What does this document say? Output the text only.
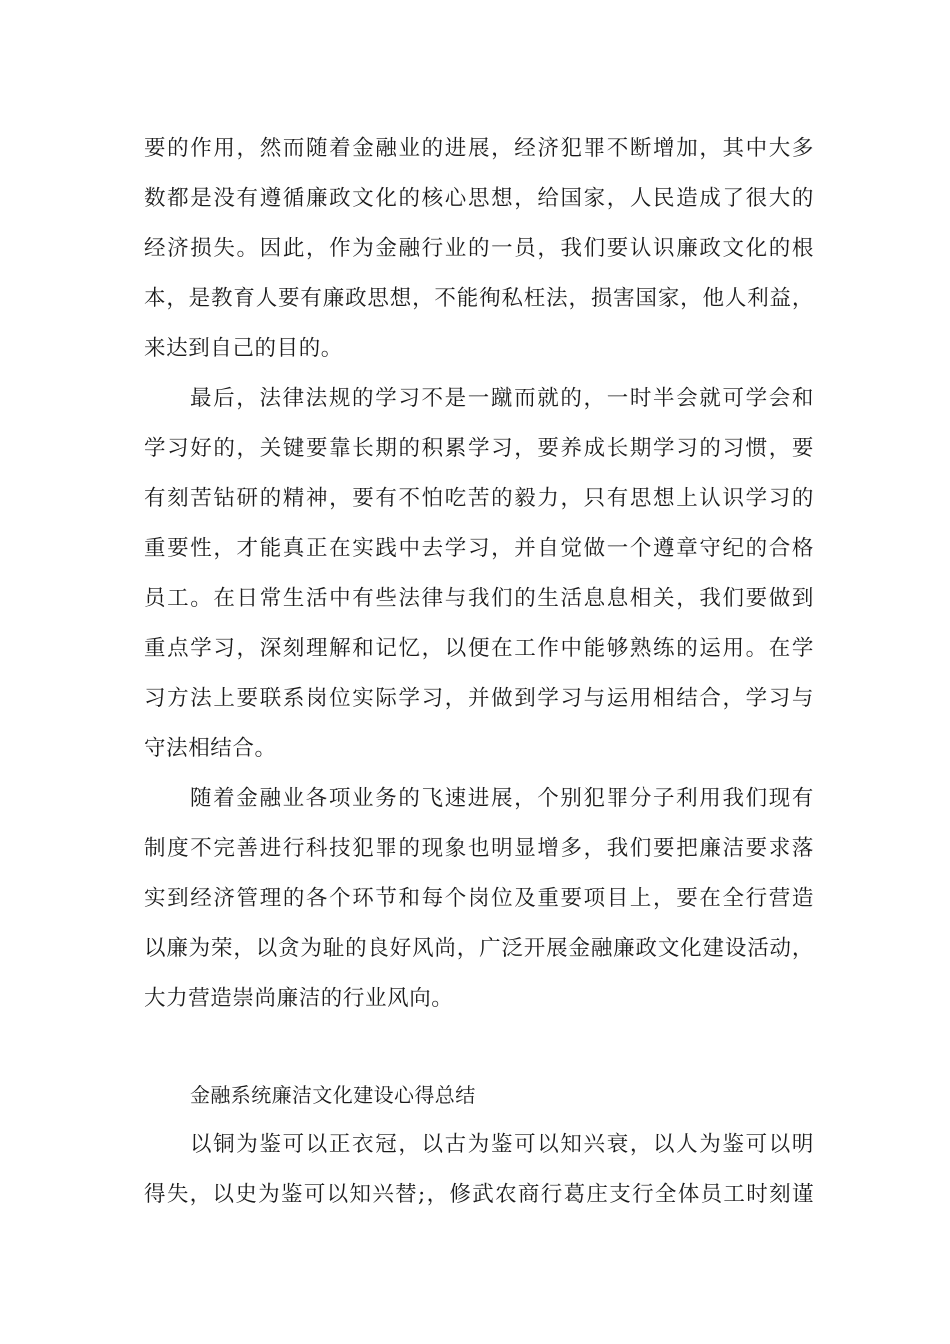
要的作用，然而随着金融业的进展，经济犯罪不断增加，其中大多

数都是没有遵循廉政文化的核心思想，给国家，人民造成了很大的

经济损失。因此，作为金融行业的一员，我们要认识廉政文化的根

本，是教育人要有廉政思想，不能徇私枉法，损害国家，他人利益，

来达到自己的目的。

最后，法律法规的学习不是一蹴而就的，一时半会就可学会和

学习好的，关键要靠长期的积累学习，要养成长期学习的习惯，要

有刻苦钻研的精神，要有不怕吃苦的毅力，只有思想上认识学习的

重要性，才能真正在实践中去学习，并自觉做一个遵章守纪的合格

员工。在日常生活中有些法律与我们的生活息息相关，我们要做到

重点学习，深刻理解和记忆，以便在工作中能够熟练的运用。在学

习方法上要联系岗位实际学习，并做到学习与运用相结合，学习与

守法相结合。

随着金融业各项业务的飞速进展，个别犯罪分子利用我们现有

制度不完善进行科技犯罪的现象也明显增多，我们要把廉洁要求落

实到经济管理的各个环节和每个岗位及重要项目上，要在全行营造

以廉为荣，以贪为耻的良好风尚，广泛开展金融廉政文化建设活动，

大力营造崇尚廉洁的行业风向。

金融系统廉洁文化建设心得总结

以铜为鉴可以正衣冠，以古为鉴可以知兴衰，以人为鉴可以明

得失，以史为鉴可以知兴替;，修武农商行葛庄支行全体员工时刻谨
